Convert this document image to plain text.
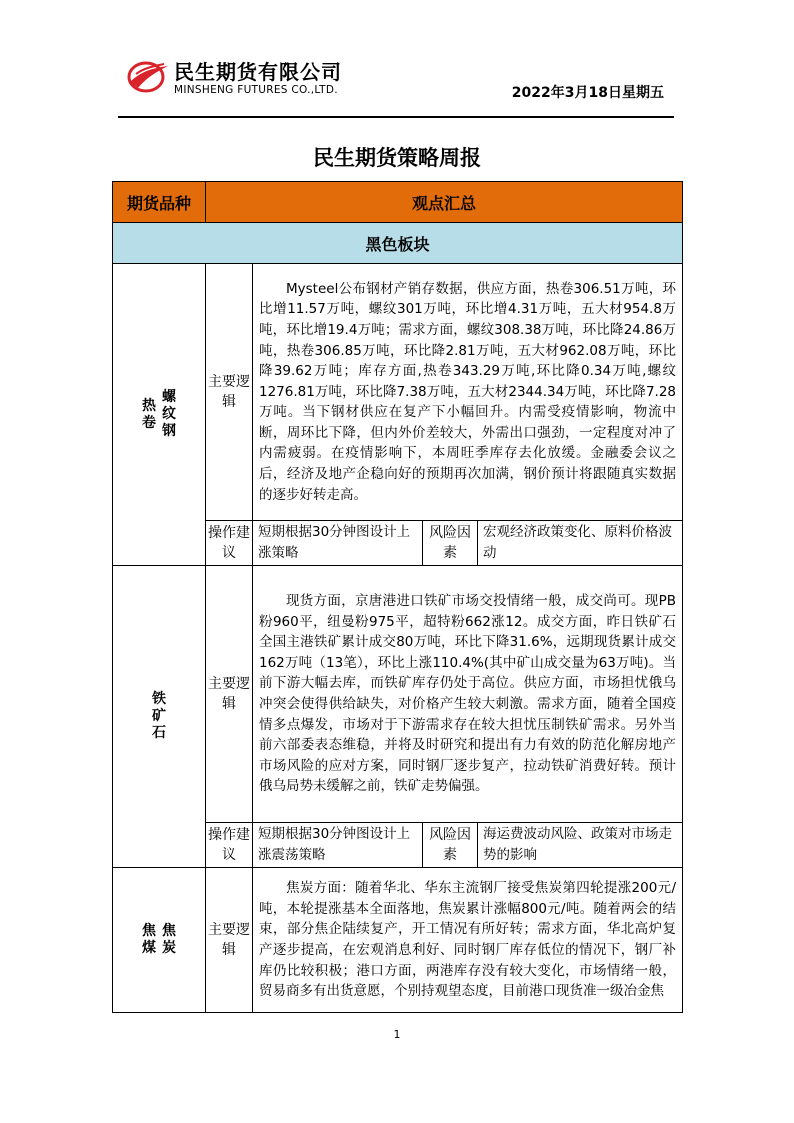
民生期货有限公司
MINSHENG FUTURES CO.,LTD.	2022年3月18日星期五
民生期货策略周报
期货品种	观点汇总			
黑色板块				
热卷螺纹钢	主要逻辑	Mysteel公布钢材产销存数据，供应方面，热卷306.51万吨，环比增11.57万吨，螺纹301万吨，环比增4.31万吨，五大材954.8万吨，环比增19.4万吨；需求方面，螺纹308.38万吨，环比降24.86万吨，热卷306.85万吨，环比降2.81万吨，五大材962.08万吨，环比降39.62万吨；库存方面,热卷343.29万吨,环比降0.34万吨,螺纹1276.81万吨，环比降7.38万吨，五大材2344.34万吨，环比降7.28万吨。当下钢材供应在复产下小幅回升。内需受疫情影响，物流中断，周环比下降，但内外价差较大，外需出口强劲，一定程度对冲了内需疲弱。在疫情影响下，本周旺季库存去化放缓。金融委会议之后，经济及地产企稳向好的预期再次加满，钢价预计将跟随真实数据的逐步好转走高。		
	操作建议	短期根据30分钟图设计上涨策略	风险因素	宏观经济政策变化、原料价格波动
铁矿石	主要逻辑	现货方面，京唐港进口铁矿市场交投情绪一般，成交尚可。现PB粉960平，纽曼粉975平，超特粉662涨12。成交方面，昨日铁矿石全国主港铁矿累计成交80万吨，环比下降31.6%，远期现货累计成交162万吨（13笔），环比上涨110.4%(其中矿山成交量为63万吨)。当前下游大幅去库，而铁矿库存仍处于高位。供应方面，市场担忧俄乌冲突会使得供给缺失，对价格产生较大刺激。需求方面，随着全国疫情多点爆发，市场对于下游需求存在较大担忧压制铁矿需求。另外当前六部委表态维稳，并将及时研究和提出有力有效的防范化解房地产市场风险的应对方案，同时钢厂逐步复产，拉动铁矿消费好转。预计俄乌局势未缓解之前，铁矿走势偏强。		
	操作建议	短期根据30分钟图设计上涨震荡策略	风险因素	海运费波动风险、政策对市场走势的影响
焦煤焦炭	主要逻辑	焦炭方面：随着华北、华东主流钢厂接受焦炭第四轮提涨200元/吨，本轮提涨基本全面落地，焦炭累计涨幅800元/吨。随着两会的结束，部分焦企陆续复产，开工情况有所好转；需求方面，华北高炉复产逐步提高，在宏观消息利好、同时钢厂库存低位的情况下，钢厂补库仍比较积极；港口方面，两港库存没有较大变化，市场情绪一般，贸易商多有出货意愿，个别持观望态度，目前港口现货准一级冶金焦		
1
